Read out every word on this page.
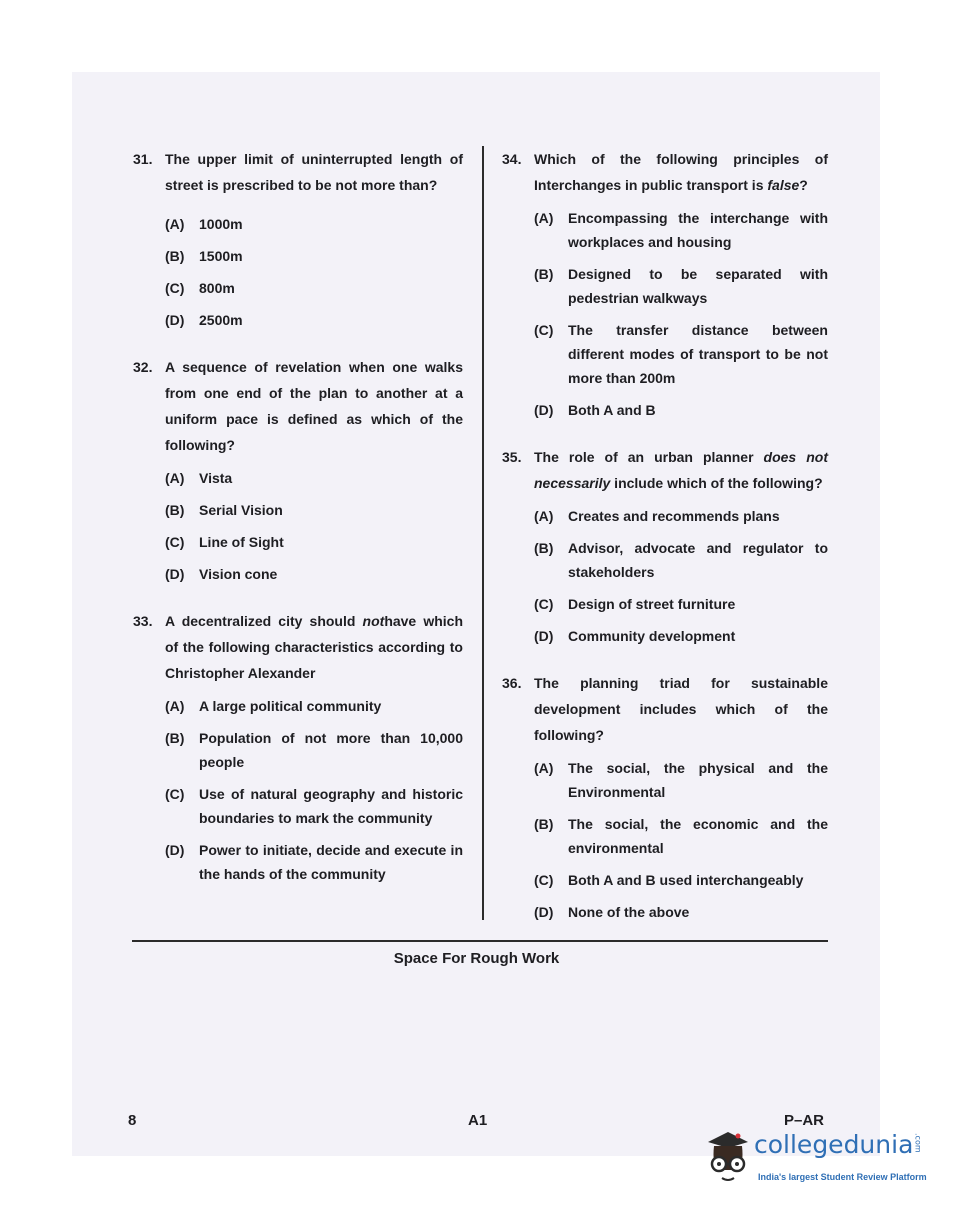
31. The upper limit of uninterrupted length of street is prescribed to be not more than?
(A)	1000m
(B)	1500m
(C)	800m
(D)	2500m
32. A sequence of revelation when one walks from one end of the plan to another at a uniform pace is defined as which of the following?
(A)	Vista
(B)	Serial Vision
(C)	Line of Sight
(D)	Vision cone
33. A decentralized city should nothave which of the following characteristics according to Christopher Alexander
(A)	A large political community
(B)	Population of not more than 10,000 people
(C)	Use of natural geography and historic boundaries to mark the community
(D)	Power to initiate, decide and execute in the hands of the community
34. Which of the following principles of Interchanges in public transport is false?
(A)	Encompassing the interchange with workplaces and housing
(B)	Designed to be separated with pedestrian walkways
(C)	The transfer distance between different modes of transport to be not more than 200m
(D)	Both A and B
35. The role of an urban planner does not necessarily include which of the following?
(A)	Creates and recommends plans
(B)	Advisor, advocate and regulator to stakeholders
(C)	Design of street furniture
(D)	Community development
36. The planning triad for sustainable development includes which of the following?
(A)	The social, the physical and the Environmental
(B)	The social, the economic and the environmental
(C)	Both A and B used interchangeably
(D)	None of the above
Space For Rough Work
8	A1	P–AR
collegedunia.com
India's largest Student Review Platform
